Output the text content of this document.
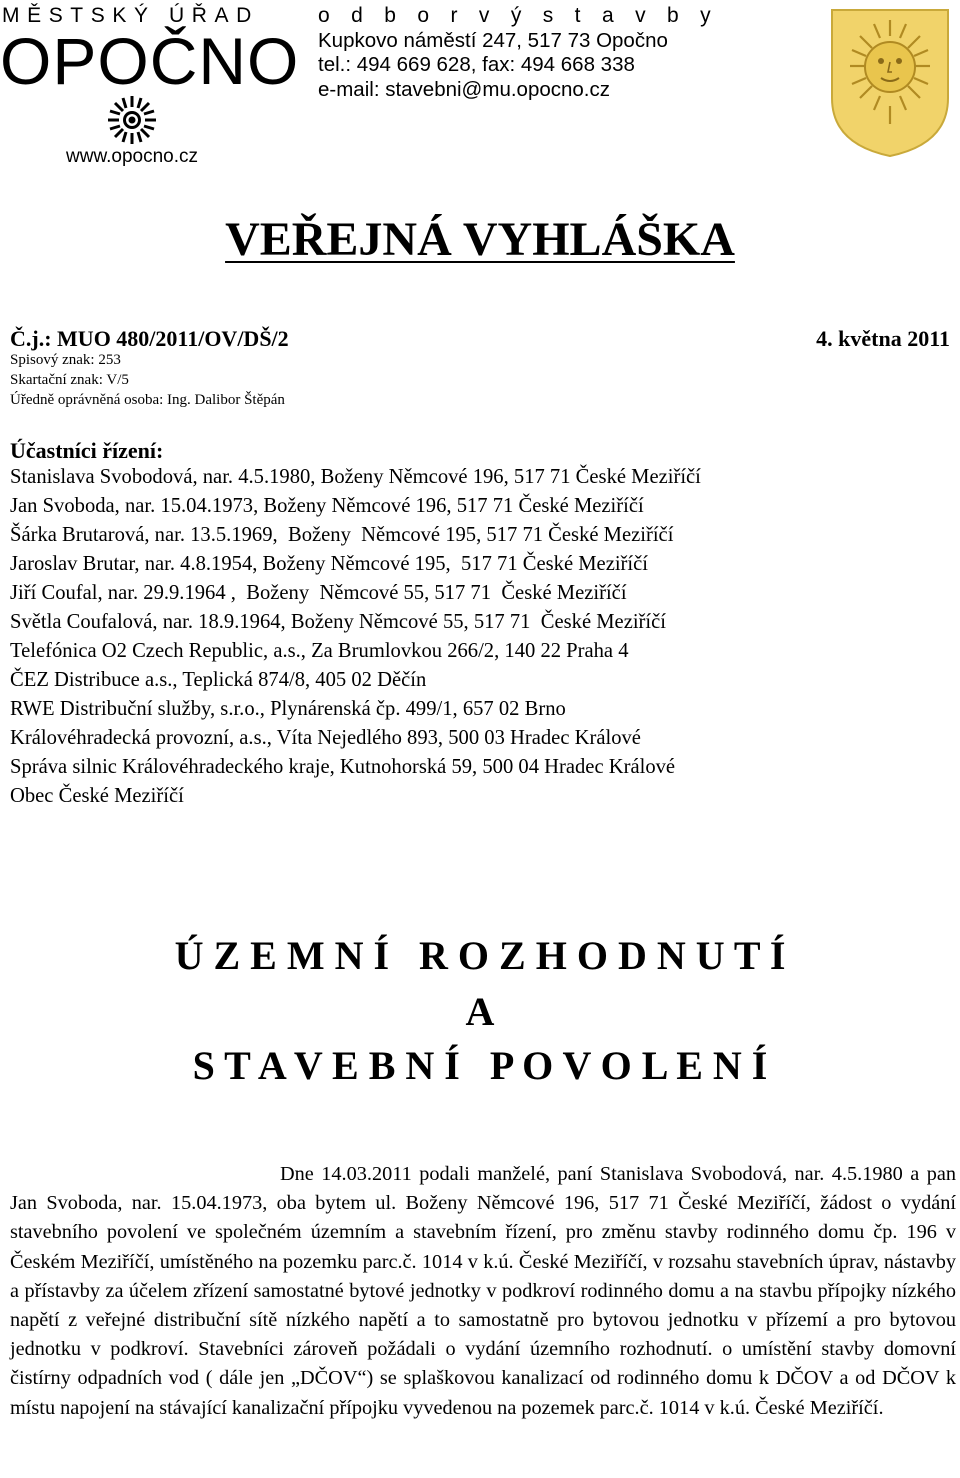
MĚSTSKÝ ÚŘAD
OPOČNO
www.opocno.cz
o d b o r v ý s t a v b y
Kupkovo náměstí 247, 517 73 Opočno
tel.: 494 669 628, fax: 494 668 338
e-mail: stavebni@mu.opocno.cz
VEŘEJNÁ VYHLÁŠKA
Č.j.: MUO 480/2011/OV/DŠ/2	4. května 2011
Spisový znak: 253
Skartační znak: V/5
Úředně oprávněná osoba: Ing. Dalibor Štěpán
Účastníci řízení:
Stanislava Svobodová, nar. 4.5.1980, Boženy Němcové 196, 517 71 České Meziříčí
Jan Svoboda, nar. 15.04.1973, Boženy Němcové 196, 517 71 České Meziříčí
Šárka Brutarová, nar. 13.5.1969,  Boženy  Němcové 195, 517 71 České Meziříčí
Jaroslav Brutar, nar. 4.8.1954, Boženy Němcové 195,  517 71 České Meziříčí
Jiří Coufal, nar. 29.9.1964 ,  Boženy  Němcové 55, 517 71  České Meziříčí
Světla Coufalová, nar. 18.9.1964, Boženy Němcové 55, 517 71  České Meziříčí
Telefónica O2 Czech Republic, a.s., Za Brumlovkou 266/2, 140 22 Praha 4
ČEZ Distribuce a.s., Teplická 874/8, 405 02 Děčín
RWE Distribuční služby, s.r.o., Plynárenská čp. 499/1, 657 02 Brno
Královéhradecká provozní, a.s., Víta Nejedlého 893, 500 03 Hradec Králové
Správa silnic Královéhradeckého kraje, Kutnohorská 59, 500 04 Hradec Králové
Obec České Meziříčí
Ú Z E M N Í   R O Z H O D N U T Í
A
S T A V E B N Í   P O V O L E N Í
Dne 14.03.2011 podali manželé, paní Stanislava Svobodová, nar. 4.5.1980 a pan Jan Svoboda, nar. 15.04.1973, oba bytem ul. Boženy Němcové 196, 517 71 České Meziříčí, žádost o vydání stavebního povolení ve společném územním a stavebním řízení, pro změnu stavby rodinného domu čp. 196 v Českém Meziříčí, umístěného na pozemku parc.č. 1014 v k.ú. České Meziříčí, v rozsahu stavebních úprav, nástavby a přístavby za účelem zřízení samostatné bytové jednotky v podkroví rodinného domu a na stavbu přípojky nízkého napětí z veřejné distribuční sítě nízkého napětí a to samostatně pro bytovou jednotku v přízemí a pro bytovou jednotku v podkroví. Stavebníci zároveň požádali o vydání územního rozhodnutí. o umístění stavby domovní čistírny odpadních vod ( dále jen „DČOV“) se splaškovou kanalizací od rodinného domu k DČOV a od DČOV k místu napojení na stávající kanalizační přípojku vyvedenou na pozemek parc.č. 1014 v k.ú. České Meziříčí.
